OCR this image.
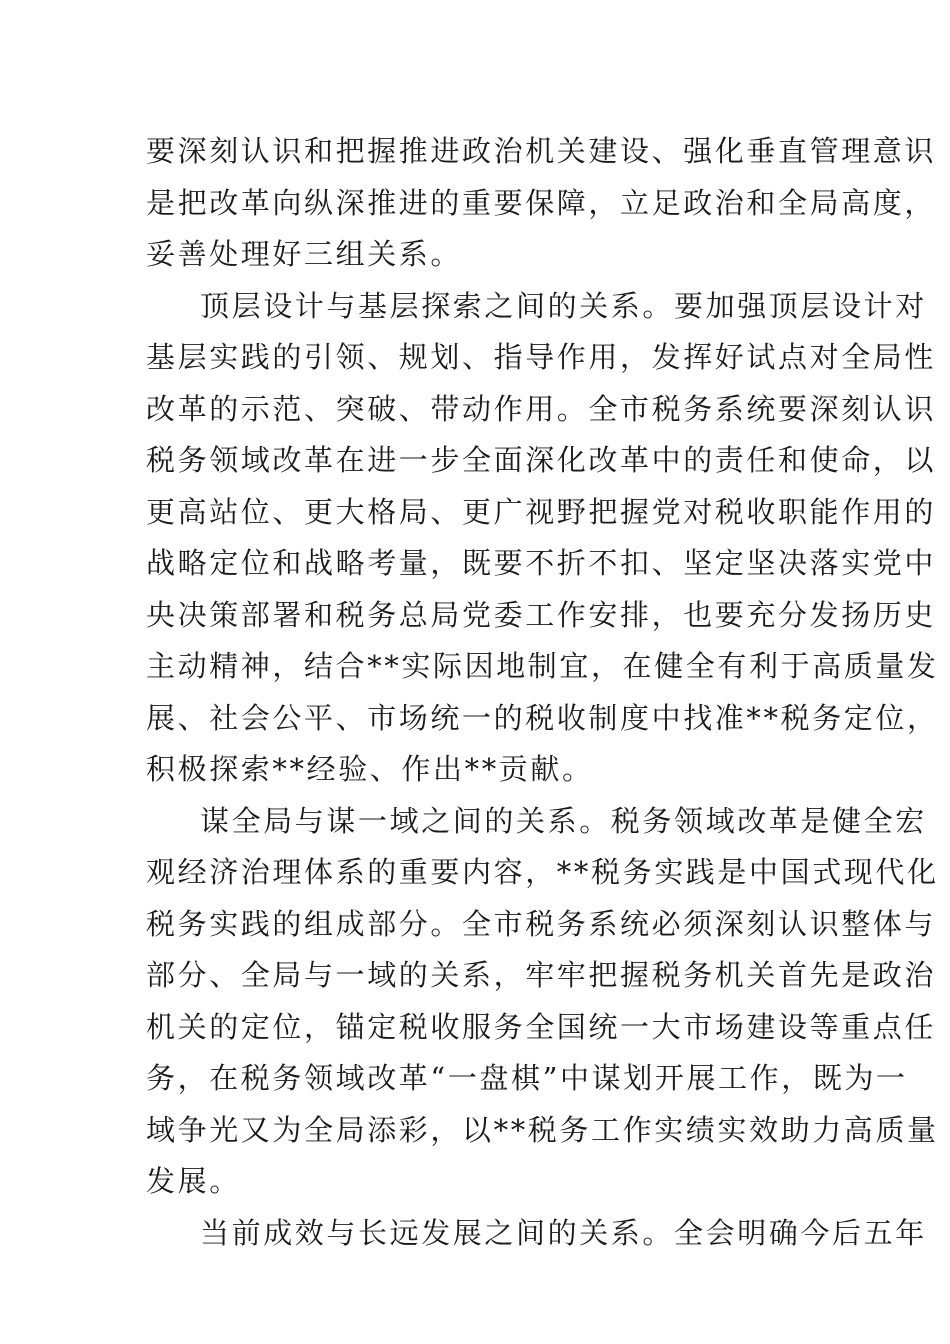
要深刻认识和把握推进政治机关建设、强化垂直管理意识
是把改革向纵深推进的重要保障，立足政治和全局高度，
妥善处理好三组关系。
顶层设计与基层探索之间的关系。要加强顶层设计对
基层实践的引领、规划、指导作用，发挥好试点对全局性
改革的示范、突破、带动作用。全市税务系统要深刻认识
税务领域改革在进一步全面深化改革中的责任和使命，以
更高站位、更大格局、更广视野把握党对税收职能作用的
战略定位和战略考量，既要不折不扣、坚定坚决落实党中
央决策部署和税务总局党委工作安排，也要充分发扬历史
主动精神，结合**实际因地制宜，在健全有利于高质量发
展、社会公平、市场统一的税收制度中找准**税务定位，
积极探索**经验、作出**贡献。
谋全局与谋一域之间的关系。税务领域改革是健全宏
观经济治理体系的重要内容，**税务实践是中国式现代化
税务实践的组成部分。全市税务系统必须深刻认识整体与
部分、全局与一域的关系，牢牢把握税务机关首先是政治
机关的定位，锚定税收服务全国统一大市场建设等重点任
务，在税务领域改革“一盘棋”中谋划开展工作，既为一
域争光又为全局添彩，以**税务工作实绩实效助力高质量
发展。
当前成效与长远发展之间的关系。全会明确今后五年
